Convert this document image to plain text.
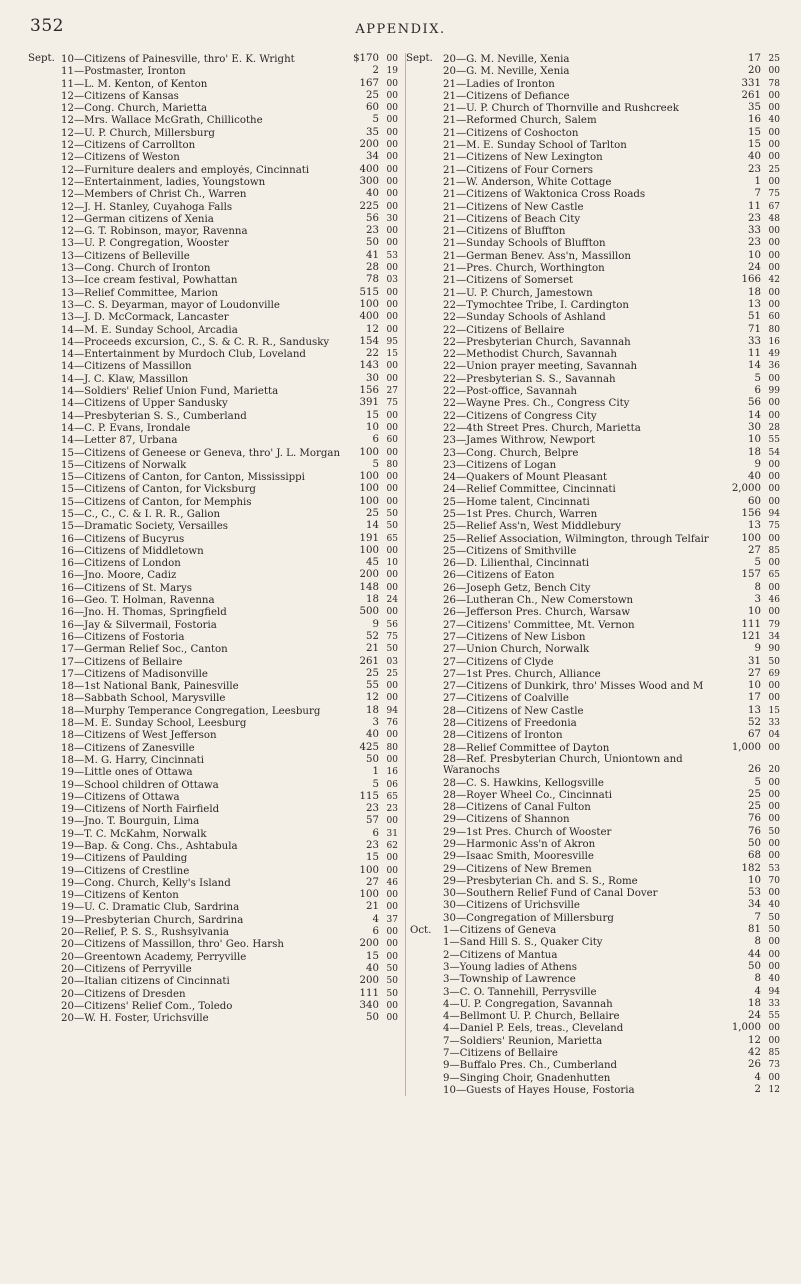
352	APPENDIX.
Sept. 10—Citizens of Painesville, thro' E. K. Wright	$170 00
11—Postmaster, Ironton	2 19
11—L. M. Kenton, of Kenton	167 00
12—Citizens of Kansas	25 00
12—Cong. Church, Marietta	60 00
12—Mrs. Wallace McGrath, Chillicothe	5 00
12—U. P. Church, Millersburg	35 00
12—Citizens of Carrollton	200 00
12—Citizens of Weston	34 00
12—Furniture dealers and employés, Cincinnati	400 00
12—Entertainment, ladies, Youngstown	300 00
12—Members of Christ Ch., Warren	40 00
12—J. H. Stanley, Cuyahoga Falls	225 00
12—German citizens of Xenia	56 30
12—G. T. Robinson, mayor, Ravenna	23 00
13—U. P. Congregation, Wooster	50 00
13—Citizens of Belleville	41 53
13—Cong. Church of Ironton	28 00
13—Ice cream festival, Powhattan	78 03
13—Relief Committee, Marion	515 00
13—C. S. Deyarman, mayor of Loudonville	100 00
13—J. D. McCormack, Lancaster	400 00
14—M. E. Sunday School, Arcadia	12 00
14—Proceeds excursion, C., S. & C. R. R., Sandusky	154 95
14—Entertainment by Murdoch Club, Loveland	22 15
14—Citizens of Massillon	143 00
14—J. C. Klaw, Massillon	30 00
14—Soldiers' Relief Union Fund, Marietta	156 27
14—Citizens of Upper Sandusky	391 75
14—Presbyterian S. S., Cumberland	15 00
14—C. P. Evans, Irondale	10 00
14—Letter 87, Urbana	6 60
15—Citizens of Geneese or Geneva, thro' J. L. Morgan	100 00
15—Citizens of Norwalk	5 80
15—Citizens of Canton, for Canton, Mississippi	100 00
15—Citizens of Canton, for Vicksburg	100 00
15—Citizens of Canton, for Memphis	100 00
15—C., C., C. & I. R. R., Galion	25 50
15—Dramatic Society, Versailles	14 50
16—Citizens of Bucyrus	191 65
16—Citizens of Middletown	100 00
16—Citizens of London	45 10
16—Jno. Moore, Cadiz	200 00
16—Citizens of St. Marys	148 00
16—Geo. T. Holman, Ravenna	18 24
16—Jno. H. Thomas, Springfield	500 00
16—Jay & Silvermail, Fostoria	9 56
16—Citizens of Fostoria	52 75
17—German Relief Soc., Canton	21 50
17—Citizens of Bellaire	261 03
17—Citizens of Madisonville	25 25
18—1st National Bank, Painesville	55 00
18—Sabbath School, Marysville	12 00
18—Murphy Temperance Congregation, Leesburg	18 94
18—M. E. Sunday School, Leesburg	3 76
18—Citizens of West Jefferson	40 00
18—Citizens of Zanesville	425 80
18—M. G. Harry, Cincinnati	50 00
19—Little ones of Ottawa	1 16
19—School children of Ottawa	5 06
19—Citizens of Ottawa	115 65
19—Citizens of North Fairfield	23 23
19—Jno. T. Bourguin, Lima	57 00
19—T. C. McKahm, Norwalk	6 31
19—Bap. & Cong. Chs., Ashtabula	23 62
19—Citizens of Paulding	15 00
19—Citizens of Crestline	100 00
19—Cong. Church, Kelly's Island	27 46
19—Citizens of Kenton	100 00
19—U. C. Dramatic Club, Sardrina	21 00
19—Presbyterian Church, Sardrina	4 37
20—Relief, P. S. S., Rushsylvania	6 00
20—Citizens of Massillon, thro' Geo. Harsh	200 00
20—Greentown Academy, Perryville	15 00
20—Citizens of Perryville	40 50
20—Italian citizens of Cincinnati	200 50
20—Citizens of Dresden	111 50
20—Citizens' Relief Com., Toledo	340 00
20—W. H. Foster, Urichsville	50 00
Sept. 20—G. M. Neville, Xenia	17 25
20—G. M. Neville, Xenia	20 00
21—Ladies of Ironton	331 78
21—Citizens of Defiance	261 00
21—U. P. Church of Thornville and Rushcreek	35 00
21—Reformed Church, Salem	16 40
21—Citizens of Coshocton	15 00
21—M. E. Sunday School of Tarlton	15 00
21—Citizens of New Lexington	40 00
21—Citizens of Four Corners	23 25
21—W. Anderson, White Cottage	1 00
21—Citizens of Waktonica Cross Roads	7 75
21—Citizens of New Castle	11 67
21—Citizens of Beach City	23 48
21—Citizens of Bluffton	33 00
21—Sunday Schools of Bluffton	23 00
21—German Benev. Ass'n, Massillon	10 00
21—Pres. Church, Worthington	24 00
21—Citizens of Somerset	166 42
21—U. P. Church, Jamestown	18 00
22—Tymochtee Tribe, I. Cardington	13 00
22—Sunday Schools of Ashland	51 60
22—Citizens of Bellaire	71 80
22—Presbyterian Church, Savannah	33 16
22—Methodist Church, Savannah	11 49
22—Union prayer meeting, Savannah	14 36
22—Presbyterian S. S., Savannah	5 00
22—Post-office, Savannah	6 99
22—Wayne Pres. Ch., Congress City	56 00
22—Citizens of Congress City	14 00
22—4th Street Pres. Church, Marietta	30 28
23—James Withrow, Newport	10 55
23—Cong. Church, Belpre	18 54
23—Citizens of Logan	9 00
24—Quakers of Mount Pleasant	40 00
24—Relief Committee, Cincinnati	2,000 00
25—Home talent, Cincinnati	60 00
25—1st Pres. Church, Warren	156 94
25—Relief Ass'n, West Middlebury	13 75
25—Relief Association, Wilmington, through Telfair	100 00
25—Citizens of Smithville	27 85
26—D. Lilienthal, Cincinnati	5 00
26—Citizens of Eaton	157 65
26—Joseph Getz, Bench City	8 00
26—Lutheran Ch., New Comerstown	3 46
26—Jefferson Pres. Church, Warsaw	10 00
27—Citizens' Committee, Mt. Vernon	111 79
27—Citizens of New Lisbon	121 34
27—Union Church, Norwalk	9 90
27—Citizens of Clyde	31 50
27—1st Pres. Church, Alliance	27 69
27—Citizens of Dunkirk, thro' Misses Wood and M	10 00
27—Citizens of Coalville	17 00
28—Citizens of New Castle	13 15
28—Citizens of Freedonia	52 33
28—Citizens of Ironton	67 04
28—Relief Committee of Dayton	1,000 00
28—Ref. Presbyterian Church, Uniontown and Waranochs	26 20
28—C. S. Hawkins, Kellogsville	5 00
28—Royer Wheel Co., Cincinnati	25 00
28—Citizens of Canal Fulton	25 00
29—Citizens of Shannon	76 00
29—1st Pres. Church of Wooster	76 50
29—Harmonic Ass'n of Akron	50 00
29—Isaac Smith, Mooresville	68 00
29—Citizens of New Bremen	182 53
29—Presbyterian Ch. and S. S., Rome	10 70
30—Southern Relief Fund of Canal Dover	53 00
30—Citizens of Urichsville	34 40
30—Congregation of Millersburg	7 50
Oct. 1—Citizens of Geneva	81 50
1—Sand Hill S. S., Quaker City	8 00
2—Citizens of Mantua	44 00
3—Young ladies of Athens	50 00
3—Township of Lawrence	8 40
3—C. O. Tannehill, Perrysville	4 94
4—U. P. Congregation, Savannah	18 33
4—Bellmont U. P. Church, Bellaire	24 55
4—Daniel P. Eels, treas., Cleveland	1,000 00
7—Soldiers' Reunion, Marietta	12 00
7—Citizens of Bellaire	42 85
9—Buffalo Pres. Ch., Cumberland	26 73
9—Singing Choir, Gnadenhutten	4 00
10—Guests of Hayes House, Fostoria	2 12
